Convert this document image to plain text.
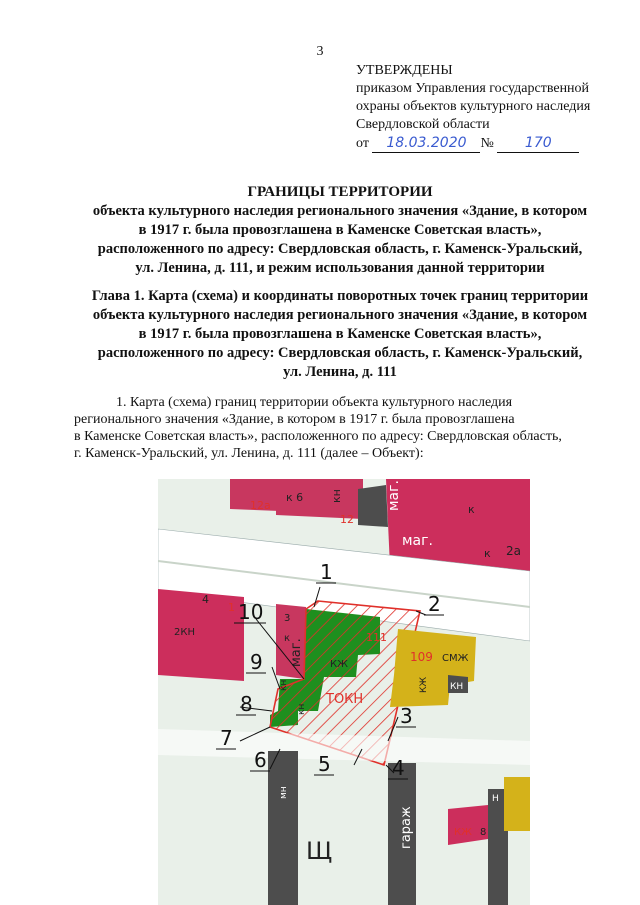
3
УТВЕРЖДЕНЫ
приказом Управления государственной
охраны объектов культурного наследия
Свердловской области
от 18.03.2020 № 170
ГРАНИЦЫ ТЕРРИТОРИИ
объекта культурного наследия регионального значения «Здание, в котором
в 1917 г. была провозглашена в Каменске Советская власть»,
расположенного по адресу: Свердловская область, г. Каменск-Уральский,
ул. Ленина, д. 111, и режим использования данной территории
Глава 1. Карта (схема) и координаты поворотных точек границ территории
объекта культурного наследия регионального значения «Здание, в котором
в 1917 г. была провозглашена в Каменске Советская власть»,
расположенного по адресу: Свердловская область, г. Каменск-Уральский,
ул. Ленина, д. 111
1. Карта (схема) границ территории объекта культурного наследия
регионального значения «Здание, в котором в 1917 г. была провозглашена
в Каменске Советская власть», расположенного по адресу: Свердловская область,
г. Каменск-Уральский, ул. Ленина, д. 111 (далее – Объект):
к 6
12а
кн
12
маг.
маг.
к
к 2а
4
1
2КН
3
к
маг.
111
КЖ
кн
кн
ТОКН
109 СМЖ
КЖ КН
мн
Щ
гараж
Н
КЖ 8
1
2
3
4
5
6
7
8
9
10
